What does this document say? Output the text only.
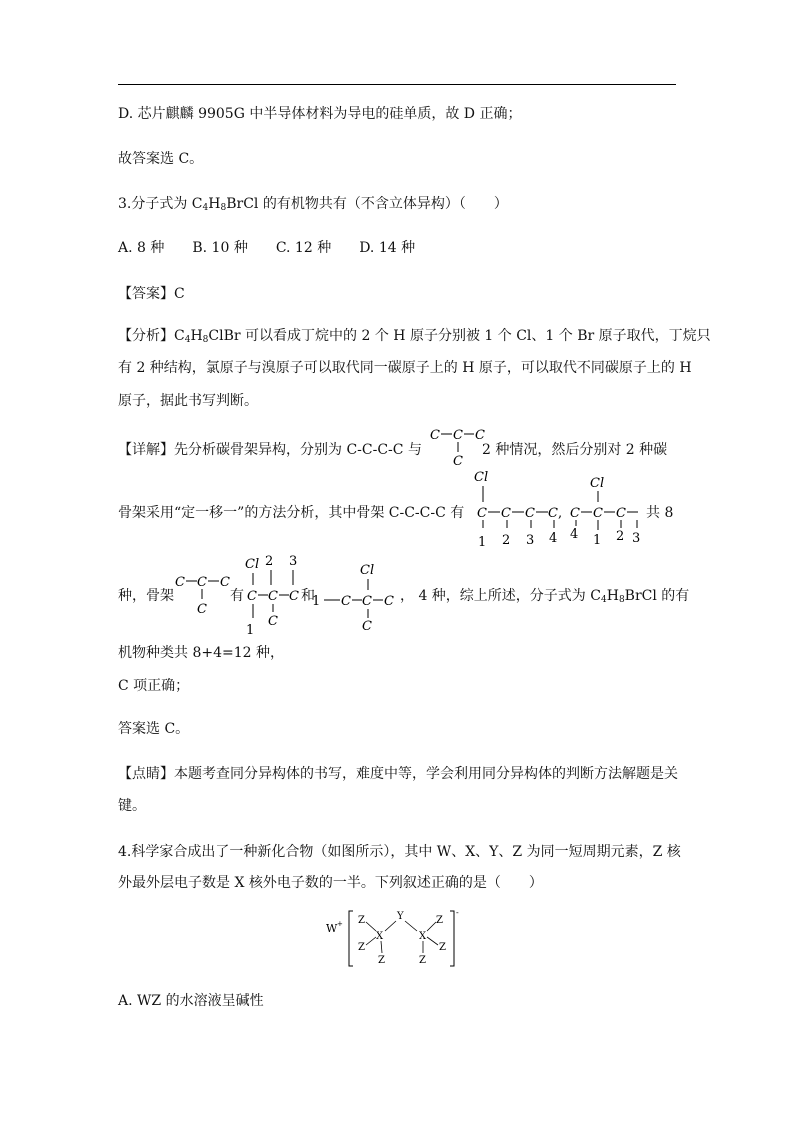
D. 芯片麒麟 9905G 中半导体材料为导电的硅单质，故 D 正确；
故答案选 C。
3.分子式为 $C_4H_8BrCl$ 的有机物共有（不含立体异构）（　　）
A. 8 种　　B. 10 种　　C. 12 种　　D. 14 种
【答案】C
【分析】$C_4H_8ClBr$ 可以看成丁烷中的 2 个 H 原子分别被 1 个 Cl、1 个 Br 原子取代，丁烷只
有 2 种结构，氯原子与溴原子可以取代同一碳原子上的 H 原子，可以取代不同碳原子上的 H
原子，据此书写判断。
【详解】先分析碳骨架异构，分别为 C-C-C-C 与	2 种情况，然后分别对 2 种碳
C C C
C
骨架采用“定一移一”的方法分析，其中骨架 C-C-C-C 有	共 8
Cl
C C C C ,
1 2 3 4
Cl
C C C
4 1 2 3
种，骨架	有	和	， 4 种，综上所述，分子式为 $C_4H_8BrCl$ 的有
C C C
C
Cl 2 3
C C C
C
1
1 C C C
Cl
C
机物种类共 8+4=12 种，
C 项正确；
答案选 C。
【点睛】本题考查同分异构体的书写，难度中等，学会利用同分异构体的判断方法解题是关
键。
4.科学家合成出了一种新化合物（如图所示），其中 W、X、Y、Z 为同一短周期元素，Z 核
外最外层电子数是 X 核外电子数的一半。下列叙述正确的是（　　）
W +
-
Z
Z
X
Z
Y
X
Z
Z
Z
A. WZ 的水溶液呈碱性
